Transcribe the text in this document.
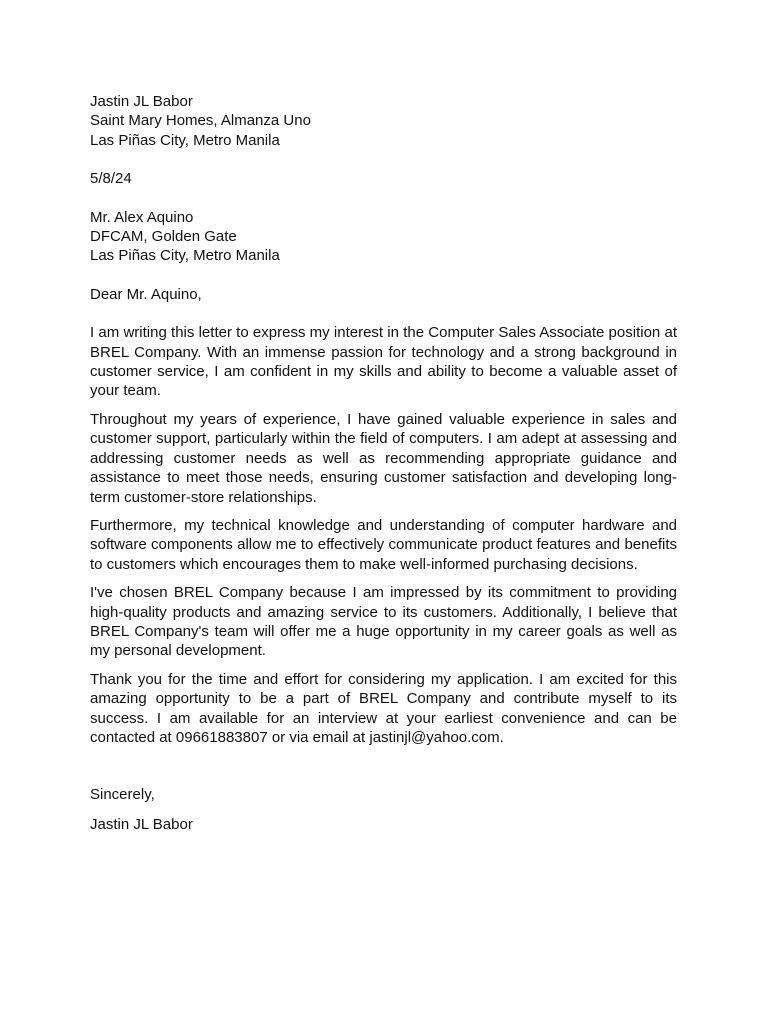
Jastin JL Babor
Saint Mary Homes, Almanza Uno
Las Piñas City, Metro Manila
5/8/24
Mr. Alex Aquino
DFCAM, Golden Gate
Las Piñas City, Metro Manila
Dear Mr. Aquino,

I am writing this letter to express my interest in the Computer Sales Associate position at BREL Company. With an immense passion for technology and a strong background in customer service, I am confident in my skills and ability to become a valuable asset of your team.

Throughout my years of experience, I have gained valuable experience in sales and customer support, particularly within the field of computers. I am adept at assessing and addressing customer needs as well as recommending appropriate guidance and assistance to meet those needs, ensuring customer satisfaction and developing long-term customer-store relationships.

Furthermore, my technical knowledge and understanding of computer hardware and software components allow me to effectively communicate product features and benefits to customers which encourages them to make well-informed purchasing decisions.

I've chosen BREL Company because I am impressed by its commitment to providing high-quality products and amazing service to its customers. Additionally, I believe that BREL Company's team will offer me a huge opportunity in my career goals as well as my personal development.

Thank you for the time and effort for considering my application. I am excited for this amazing opportunity to be a part of BREL Company and contribute myself to its success. I am available for an interview at your earliest convenience and can be contacted at 09661883807 or via email at jastinjl@yahoo.com.

Sincerely,
Jastin JL Babor
